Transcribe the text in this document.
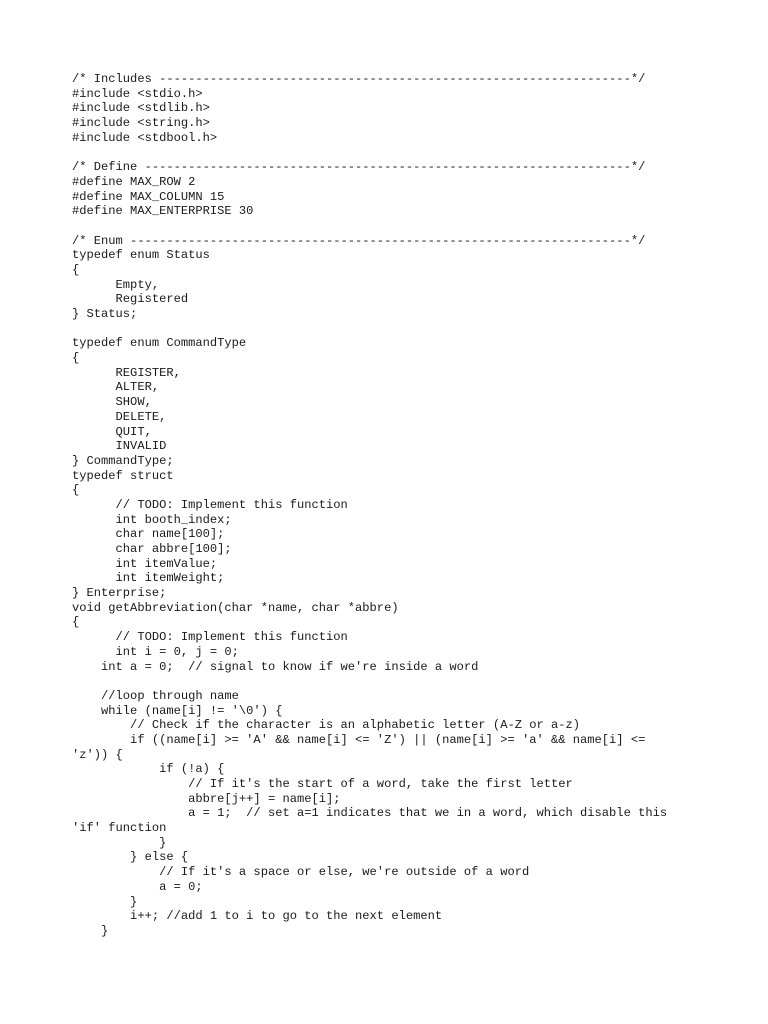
/* Includes -----------------------------------------------------------------*/
#include <stdio.h>
#include <stdlib.h>
#include <string.h>
#include <stdbool.h>
/* Define -------------------------------------------------------------------*/
#define MAX_ROW 2
#define MAX_COLUMN 15
#define MAX_ENTERPRISE 30
/* Enum ---------------------------------------------------------------------*/
typedef enum Status
{
Empty,
Registered
} Status;
typedef enum CommandType
{
REGISTER,
ALTER,
SHOW,
DELETE,
QUIT,
INVALID
} CommandType;
typedef struct
{
// TODO: Implement this function
int booth_index;
char name[100];
char abbre[100];
int itemValue;
int itemWeight;
} Enterprise;
void getAbbreviation(char *name, char *abbre)
{
// TODO: Implement this function
int i = 0, j = 0;
int a = 0;  // signal to know if we're inside a word
//loop through name
while (name[i] != '\0') {
// Check if the character is an alphabetic letter (A-Z or a-z)
if ((name[i] >= 'A' && name[i] <= 'Z') || (name[i] >= 'a' && name[i] <=
'z')) {
if (!a) {
// If it's the start of a word, take the first letter
abbre[j++] = name[i];
a = 1;  // set a=1 indicates that we in a word, which disable this
'if' function
}
} else {
// If it's a space or else, we're outside of a word
a = 0;
}
i++; //add 1 to i to go to the next element
}
